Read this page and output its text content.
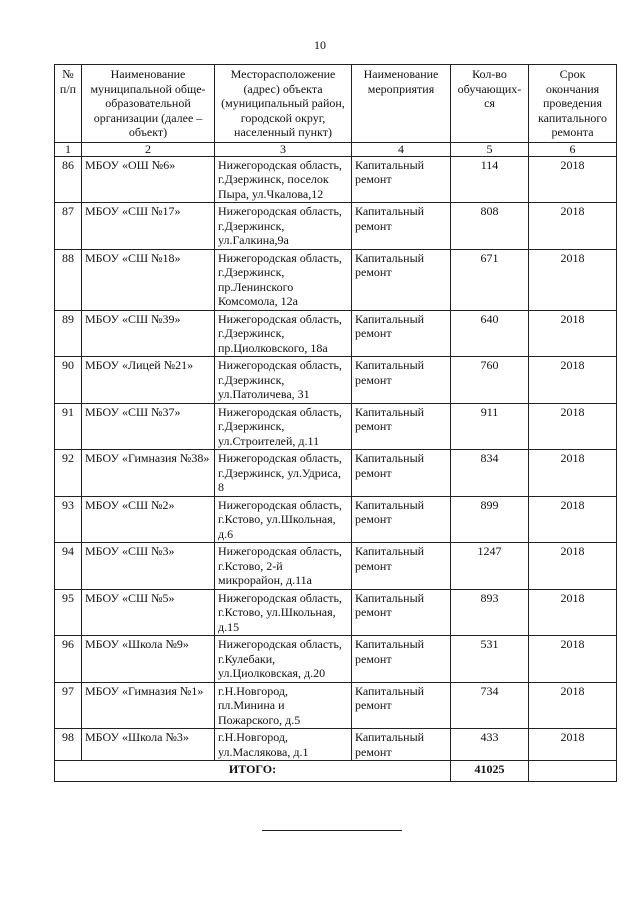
10
№ п/п	Наименование муниципальной обще-образовательной организации (далее – объект)	Месторасположение (адрес) объекта (муниципальный район, городской округ, населенный пункт)	Наименование мероприятия	Кол-во обучающих-ся	Срок окончания проведения капитального ремонта
1	2	3	4	5	6
86	МБОУ «ОШ №6»	Нижегородская область, г.Дзержинск, поселок Пыра, ул.Чкалова,12	Капитальный ремонт	114	2018
87	МБОУ «СШ №17»	Нижегородская область, г.Дзержинск, ул.Галкина,9а	Капитальный ремонт	808	2018
88	МБОУ «СШ №18»	Нижегородская область, г.Дзержинск, пр.Ленинского Комсомола, 12а	Капитальный ремонт	671	2018
89	МБОУ «СШ №39»	Нижегородская область, г.Дзержинск, пр.Циолковского, 18а	Капитальный ремонт	640	2018
90	МБОУ «Лицей №21»	Нижегородская область, г.Дзержинск, ул.Патоличева, 31	Капитальный ремонт	760	2018
91	МБОУ «СШ №37»	Нижегородская область, г.Дзержинск, ул.Строителей, д.11	Капитальный ремонт	911	2018
92	МБОУ «Гимназия №38»	Нижегородская область, г.Дзержинск, ул.Удриса, 8	Капитальный ремонт	834	2018
93	МБОУ «СШ №2»	Нижегородская область, г.Кстово, ул.Школьная, д.6	Капитальный ремонт	899	2018
94	МБОУ «СШ №3»	Нижегородская область, г.Кстово, 2-й микрорайон, д.11а	Капитальный ремонт	1247	2018
95	МБОУ «СШ №5»	Нижегородская область, г.Кстово, ул.Школьная, д.15	Капитальный ремонт	893	2018
96	МБОУ «Школа №9»	Нижегородская область, г.Кулебаки, ул.Циолковская, д.20	Капитальный ремонт	531	2018
97	МБОУ «Гимназия №1»	г.Н.Новгород, пл.Минина и Пожарского, д.5	Капитальный ремонт	734	2018
98	МБОУ «Школа №3»	г.Н.Новгород, ул.Маслякова, д.1	Капитальный ремонт	433	2018
ИТОГО:				41025	
